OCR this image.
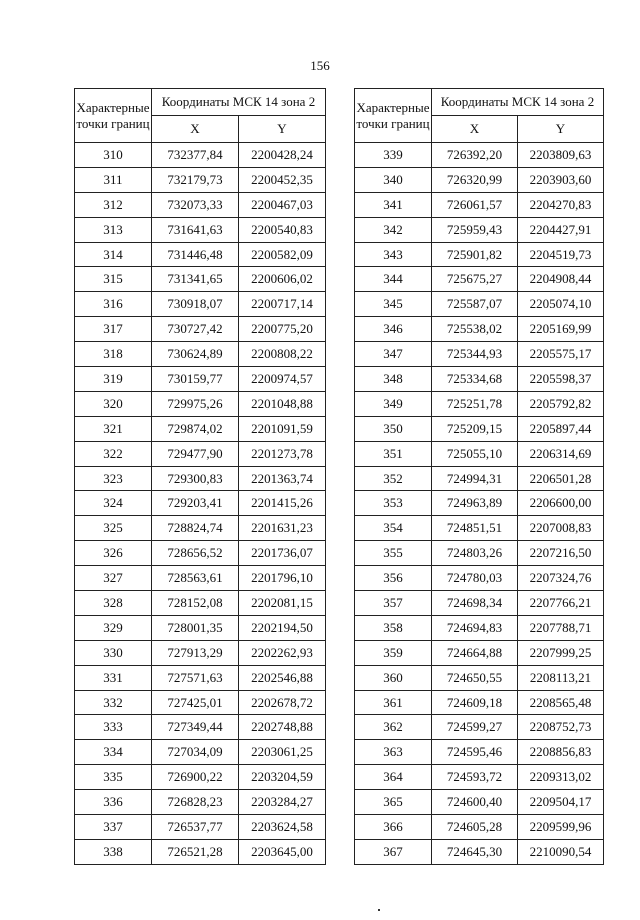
156
Характерные точки границ	Координаты МСК 14 зона 2	
	X	Y
310	732377,84	2200428,24
311	732179,73	2200452,35
312	732073,33	2200467,03
313	731641,63	2200540,83
314	731446,48	2200582,09
315	731341,65	2200606,02
316	730918,07	2200717,14
317	730727,42	2200775,20
318	730624,89	2200808,22
319	730159,77	2200974,57
320	729975,26	2201048,88
321	729874,02	2201091,59
322	729477,90	2201273,78
323	729300,83	2201363,74
324	729203,41	2201415,26
325	728824,74	2201631,23
326	728656,52	2201736,07
327	728563,61	2201796,10
328	728152,08	2202081,15
329	728001,35	2202194,50
330	727913,29	2202262,93
331	727571,63	2202546,88
332	727425,01	2202678,72
333	727349,44	2202748,88
334	727034,09	2203061,25
335	726900,22	2203204,59
336	726828,23	2203284,27
337	726537,77	2203624,58
338	726521,28	2203645,00
Характерные точки границ	Координаты МСК 14 зона 2	
	X	Y
339	726392,20	2203809,63
340	726320,99	2203903,60
341	726061,57	2204270,83
342	725959,43	2204427,91
343	725901,82	2204519,73
344	725675,27	2204908,44
345	725587,07	2205074,10
346	725538,02	2205169,99
347	725344,93	2205575,17
348	725334,68	2205598,37
349	725251,78	2205792,82
350	725209,15	2205897,44
351	725055,10	2206314,69
352	724994,31	2206501,28
353	724963,89	2206600,00
354	724851,51	2207008,83
355	724803,26	2207216,50
356	724780,03	2207324,76
357	724698,34	2207766,21
358	724694,83	2207788,71
359	724664,88	2207999,25
360	724650,55	2208113,21
361	724609,18	2208565,48
362	724599,27	2208752,73
363	724595,46	2208856,83
364	724593,72	2209313,02
365	724600,40	2209504,17
366	724605,28	2209599,96
367	724645,30	2210090,54
